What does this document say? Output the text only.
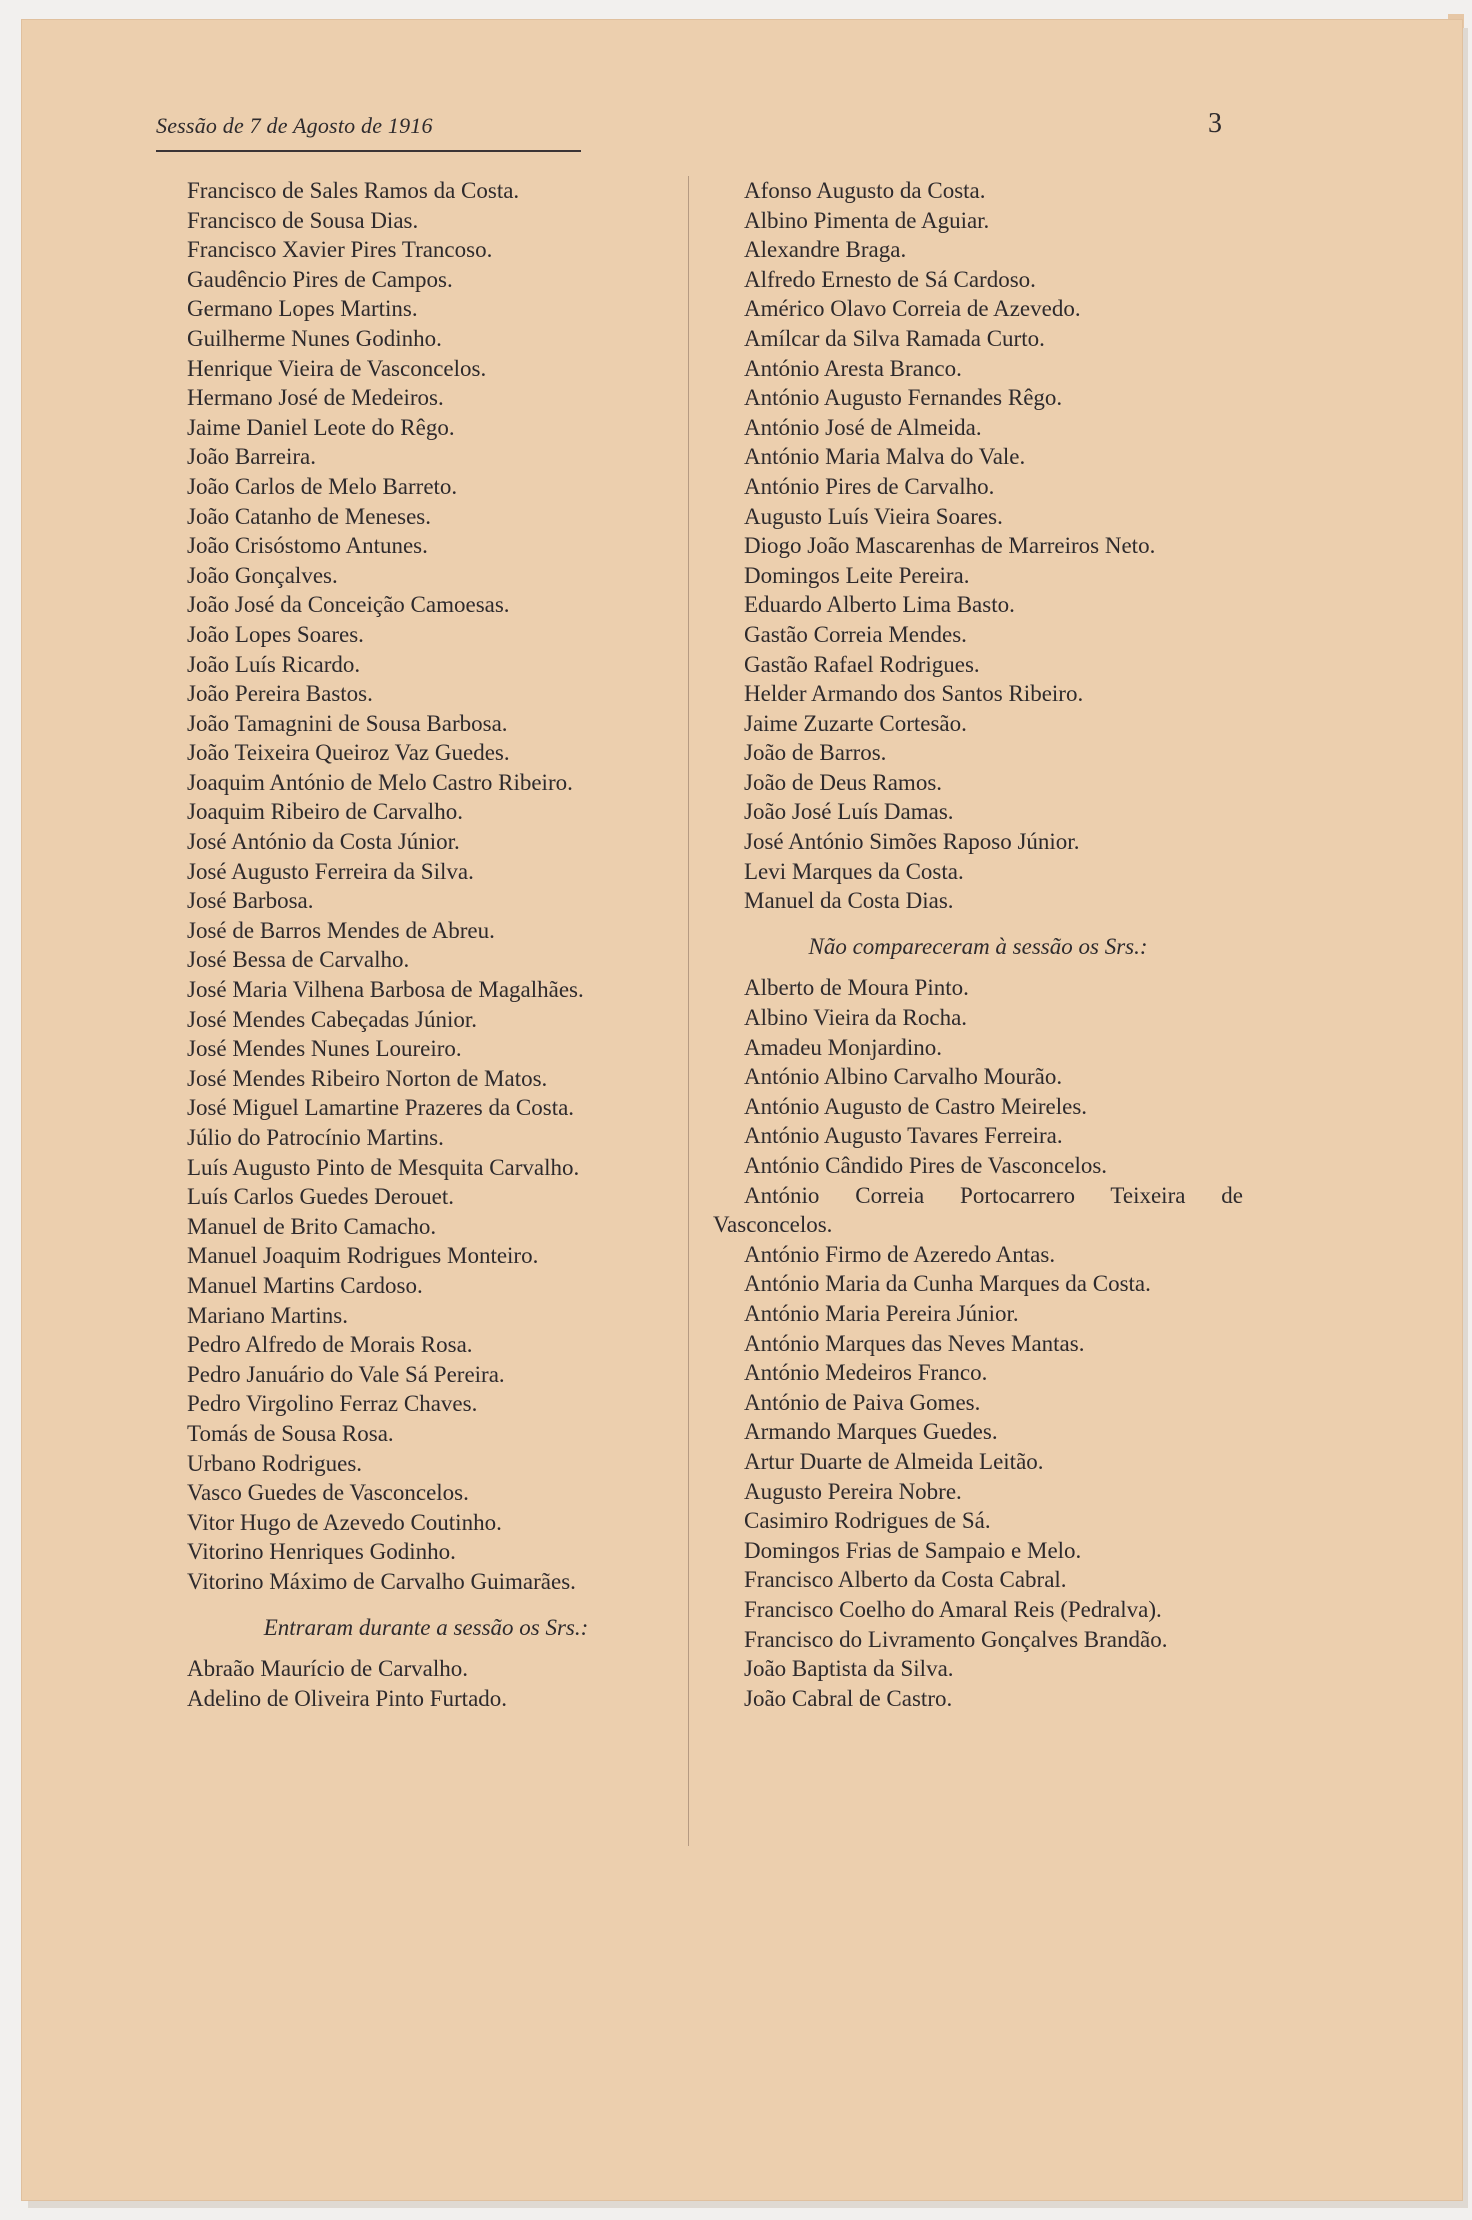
Sessão de 7 de Agosto de 1916	3
Francisco de Sales Ramos da Costa.
Francisco de Sousa Dias.
Francisco Xavier Pires Trancoso.
Gaudêncio Pires de Campos.
Germano Lopes Martins.
Guilherme Nunes Godinho.
Henrique Vieira de Vasconcelos.
Hermano José de Medeiros.
Jaime Daniel Leote do Rêgo.
João Barreira.
João Carlos de Melo Barreto.
João Catanho de Meneses.
João Crisóstomo Antunes.
João Gonçalves.
João José da Conceição Camoesas.
João Lopes Soares.
João Luís Ricardo.
João Pereira Bastos.
João Tamagnini de Sousa Barbosa.
João Teixeira Queiroz Vaz Guedes.
Joaquim António de Melo Castro Ribeiro.
Joaquim Ribeiro de Carvalho.
José António da Costa Júnior.
José Augusto Ferreira da Silva.
José Barbosa.
José de Barros Mendes de Abreu.
José Bessa de Carvalho.
José Maria Vilhena Barbosa de Magalhães.
José Mendes Cabeçadas Júnior.
José Mendes Nunes Loureiro.
José Mendes Ribeiro Norton de Matos.
José Miguel Lamartine Prazeres da Costa.
Júlio do Patrocínio Martins.
Luís Augusto Pinto de Mesquita Carvalho.
Luís Carlos Guedes Derouet.
Manuel de Brito Camacho.
Manuel Joaquim Rodrigues Monteiro.
Manuel Martins Cardoso.
Mariano Martins.
Pedro Alfredo de Morais Rosa.
Pedro Januário do Vale Sá Pereira.
Pedro Virgolino Ferraz Chaves.
Tomás de Sousa Rosa.
Urbano Rodrigues.
Vasco Guedes de Vasconcelos.
Vitor Hugo de Azevedo Coutinho.
Vitorino Henriques Godinho.
Vitorino Máximo de Carvalho Guimarães.
Entraram durante a sessão os Srs.:
Abraão Maurício de Carvalho.
Adelino de Oliveira Pinto Furtado.
Afonso Augusto da Costa.
Albino Pimenta de Aguiar.
Alexandre Braga.
Alfredo Ernesto de Sá Cardoso.
Américo Olavo Correia de Azevedo.
Amílcar da Silva Ramada Curto.
António Aresta Branco.
António Augusto Fernandes Rêgo.
António José de Almeida.
António Maria Malva do Vale.
António Pires de Carvalho.
Augusto Luís Vieira Soares.
Diogo João Mascarenhas de Marreiros Neto.
Domingos Leite Pereira.
Eduardo Alberto Lima Basto.
Gastão Correia Mendes.
Gastão Rafael Rodrigues.
Helder Armando dos Santos Ribeiro.
Jaime Zuzarte Cortesão.
João de Barros.
João de Deus Ramos.
João José Luís Damas.
José António Simões Raposo Júnior.
Levi Marques da Costa.
Manuel da Costa Dias.
Não compareceram à sessão os Srs.:
Alberto de Moura Pinto.
Albino Vieira da Rocha.
Amadeu Monjardino.
António Albino Carvalho Mourão.
António Augusto de Castro Meireles.
António Augusto Tavares Ferreira.
António Cândido Pires de Vasconcelos.
António Correia Portocarrero Teixeira de Vasconcelos.
António Firmo de Azeredo Antas.
António Maria da Cunha Marques da Costa.
António Maria Pereira Júnior.
António Marques das Neves Mantas.
António Medeiros Franco.
António de Paiva Gomes.
Armando Marques Guedes.
Artur Duarte de Almeida Leitão.
Augusto Pereira Nobre.
Casimiro Rodrigues de Sá.
Domingos Frias de Sampaio e Melo.
Francisco Alberto da Costa Cabral.
Francisco Coelho do Amaral Reis (Pedralva).
Francisco do Livramento Gonçalves Brandão.
João Baptista da Silva.
João Cabral de Castro.
